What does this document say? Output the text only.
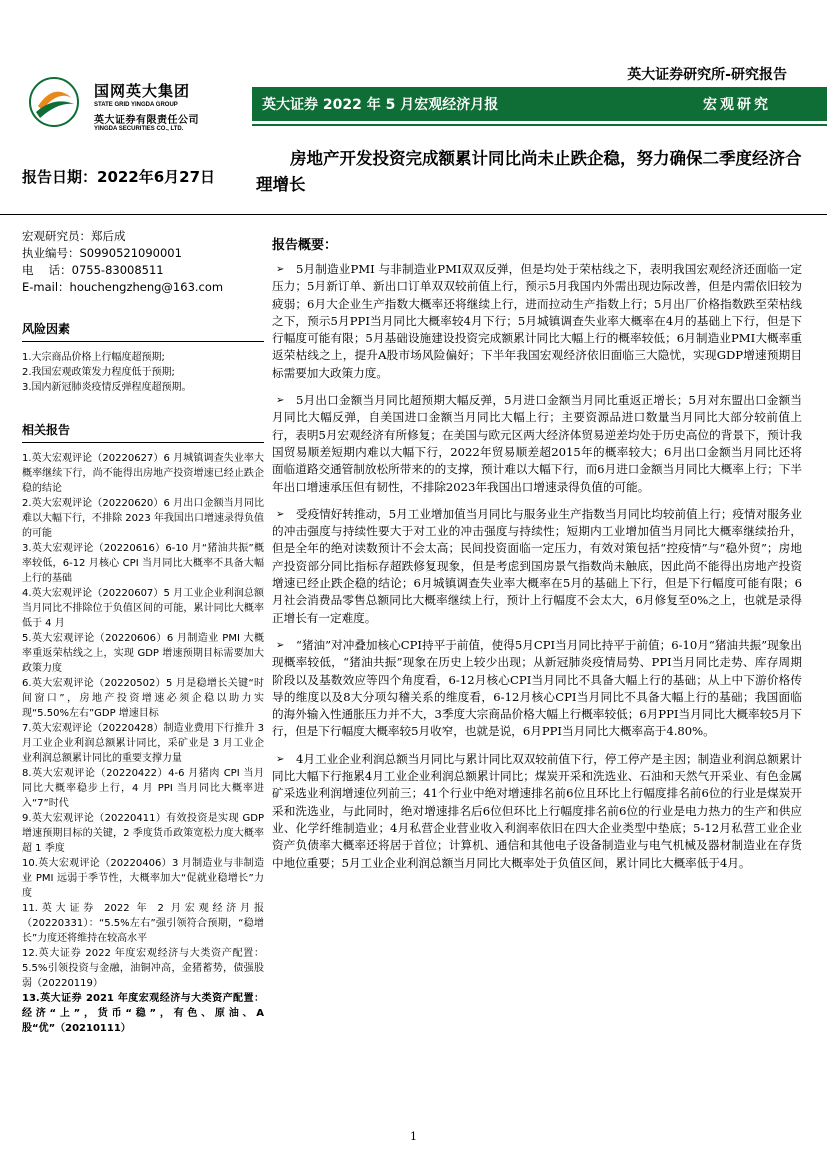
英大证券研究所-研究报告
国网英大集团
STATE GRID YINGDA GROUP
英大证券有限责任公司
YINGDA SECURITIES CO., LTD.
英大证券 2022 年 5 月宏观经济月报	宏观研究
报告日期：2022年6月27日
房地产开发投资完成额累计同比尚未止跌企稳，努力确保二季度经济合理增长
宏观研究员：郑后成
执业编号：S0990521090001
电　 话：0755-83008511
E-mail：houchengzheng@163.com
风险因素
1.大宗商品价格上行幅度超预期;
2.我国宏观政策发力程度低于预期;
3.国内新冠肺炎疫情反弹程度超预期。
相关报告
1.英大宏观评论（20220627）6 月城镇调查失业率大概率继续下行，尚不能得出房地产投资增速已经止跌企稳的结论
2.英大宏观评论（20220620）6 月出口金额当月同比难以大幅下行，不排除 2023 年我国出口增速录得负值的可能
3.英大宏观评论（20220616）6-10 月“猪油共振”概率较低，6-12 月核心 CPI 当月同比大概率不具备大幅上行的基础
4.英大宏观评论（20220607）5 月工业企业利润总额当月同比不排除位于负值区间的可能，累计同比大概率低于 4 月
5.英大宏观评论（20220606）6 月制造业 PMI 大概率重返荣枯线之上，实现 GDP 增速预期目标需要加大政策力度
6.英大宏观评论（20220502）5 月是稳增长关键“时间窗口”，房地产投资增速必须企稳以助力实现“5.50%左右”GDP 增速目标
7.英大宏观评论（20220428）制造业费用下行推升 3 月工业企业利润总额累计同比，采矿业是 3 月工业企业利润总额累计同比的重要支撑力量
8.英大宏观评论（20220422）4-6 月猪肉 CPI 当月同比大概率稳步上行，4 月 PPI 当月同比大概率进入“7”时代
9.英大宏观评论（20220411）有效投资是实现 GDP 增速预期目标的关键，2 季度货币政策宽松力度大概率超 1 季度
10.英大宏观评论（20220406）3 月制造业与非制造业 PMI 远弱于季节性，大概率加大“促就业稳增长”力度
11.英大证券 2022 年 2 月宏观经济月报（20220331）：“5.5%左右”强引领符合预期，“稳增长”力度还将维持在较高水平
12.英大证券 2022 年度宏观经济与大类资产配置：5.5%引领投资与金融，油铜冲高，金猪蓄势，债强股弱（20220119）
13.英大证券 2021 年度宏观经济与大类资产配置：经济“上”，货币“稳”，有色、原油、A 股“优”（20210111）
报告概要：
➢ 5月制造业PMI 与非制造业PMI双双反弹，但是均处于荣枯线之下，表明我国宏观经济还面临一定压力；5月新订单、新出口订单双双较前值上行，预示5月我国内外需出现边际改善，但是内需依旧较为疲弱；6月大企业生产指数大概率还将继续上行，进而拉动生产指数上行；5月出厂价格指数跌至荣枯线之下，预示5月PPI当月同比大概率较4月下行；5月城镇调查失业率大概率在4月的基础上下行，但是下行幅度可能有限；5月基础设施建设投资完成额累计同比大幅上行的概率较低；6月制造业PMI大概率重返荣枯线之上，提升A股市场风险偏好；下半年我国宏观经济依旧面临三大隐忧，实现GDP增速预期目标需要加大政策力度。
➢ 5月出口金额当月同比超预期大幅反弹，5月进口金额当月同比重返正增长；5月对东盟出口金额当月同比大幅反弹，自美国进口金额当月同比大幅上行；主要资源品进口数量当月同比大部分较前值上行，表明5月宏观经济有所修复；在美国与欧元区两大经济体贸易逆差均处于历史高位的背景下，预计我国贸易顺差短期内难以大幅下行，2022年贸易顺差超2015年的概率较大；6月出口金额当月同比还将面临道路交通管制放松所带来的的支撑，预计难以大幅下行，而6月进口金额当月同比大概率上行；下半年出口增速承压但有韧性，不排除2023年我国出口增速录得负值的可能。
➢ 受疫情好转推动，5月工业增加值当月同比与服务业生产指数当月同比均较前值上行；疫情对服务业的冲击强度与持续性要大于对工业的冲击强度与持续性；短期内工业增加值当月同比大概率继续抬升，但是全年的绝对读数预计不会太高；民间投资面临一定压力，有效对策包括“控疫情”与“稳外贸”；房地产投资部分同比指标存超跌修复现象，但是考虑到国房景气指数尚未触底，因此尚不能得出房地产投资增速已经止跌企稳的结论；6月城镇调查失业率大概率在5月的基础上下行，但是下行幅度可能有限；6月社会消费品零售总额同比大概率继续上行，预计上行幅度不会太大，6月修复至0%之上，也就是录得正增长有一定难度。
➢ “猪油”对冲叠加核心CPI持平于前值，使得5月CPI当月同比持平于前值；6-10月“猪油共振”现象出现概率较低，“猪油共振”现象在历史上较少出现；从新冠肺炎疫情局势、PPI当月同比走势、库存周期阶段以及基数效应等四个角度看，6-12月核心CPI当月同比不具备大幅上行的基础；从上中下游价格传导的维度以及8大分项勾稽关系的维度看，6-12月核心CPI当月同比不具备大幅上行的基础；我国面临的海外输入性通胀压力并不大，3季度大宗商品价格大幅上行概率较低；6月PPI当月同比大概率较5月下行，但是下行幅度大概率较5月收窄，也就是说，6月PPI当月同比大概率高于4.80%。
➢ 4月工业企业利润总额当月同比与累计同比双双较前值下行，停工停产是主因；制造业利润总额累计同比大幅下行拖累4月工业企业利润总额累计同比；煤炭开采和洗选业、石油和天然气开采业、有色金属矿采选业利润增速位列前三；41个行业中绝对增速排名前6位且环比上行幅度排名前6位的行业是煤炭开采和洗选业，与此同时，绝对增速排名后6位但环比上行幅度排名前6位的行业是电力热力的生产和供应业、化学纤维制造业；4月私营企业营业收入利润率依旧在四大企业类型中垫底；5-12月私营工业企业资产负债率大概率还将居于首位；计算机、通信和其他电子设备制造业与电气机械及器材制造业在存货中地位重要；5月工业企业利润总额当月同比大概率处于负值区间，累计同比大概率低于4月。
1
